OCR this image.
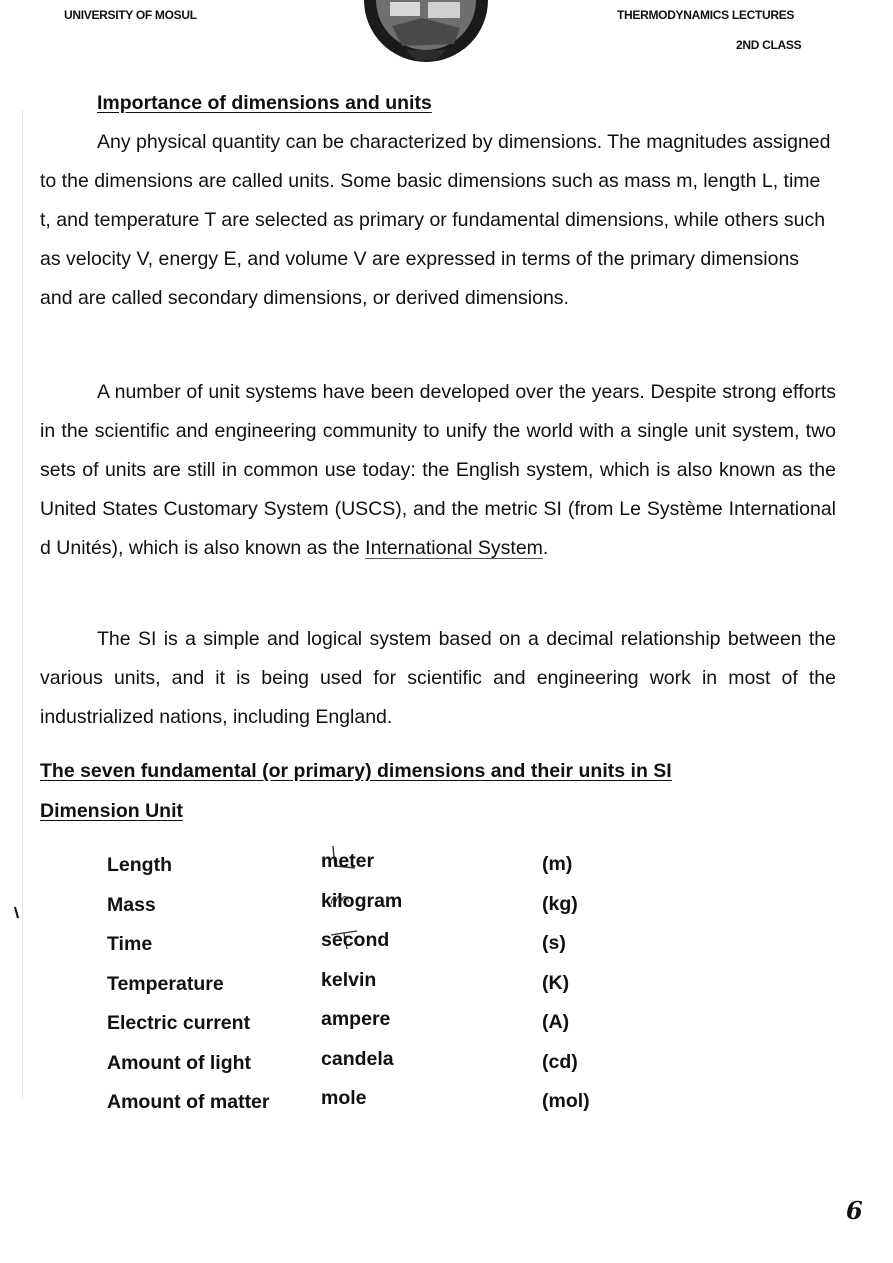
UNIVERSITY OF MOSUL	THERMODYNAMICS LECTURES
2ND CLASS
Importance of dimensions and units

Any physical quantity can be characterized by dimensions. The magnitudes assigned to the dimensions are called units. Some basic dimensions such as mass m, length L, time t, and temperature T are selected as primary or fundamental dimensions, while others such as velocity V, energy E, and volume V are expressed in terms of the primary dimensions and are called secondary dimensions, or derived dimensions.

A number of unit systems have been developed over the years. Despite strong efforts in the scientific and engineering community to unify the world with a single unit system, two sets of units are still in common use today: the English system, which is also known as the United States Customary System (USCS), and the metric SI (from Le Système International d Unités), which is also known as the International System.

The SI is a simple and logical system based on a decimal relationship between the various units, and it is being used for scientific and engineering work in most of the industrialized nations, including England.

The seven fundamental (or primary) dimensions and their units in SI
Dimension Unit
Length	meter	(m)
Mass	kilogram	(kg)
Time	second	(s)
Temperature	kelvin	(K)
Electric current	ampere	(A)
Amount of light	candela	(cd)
Amount of matter	mole	(mol)
6
